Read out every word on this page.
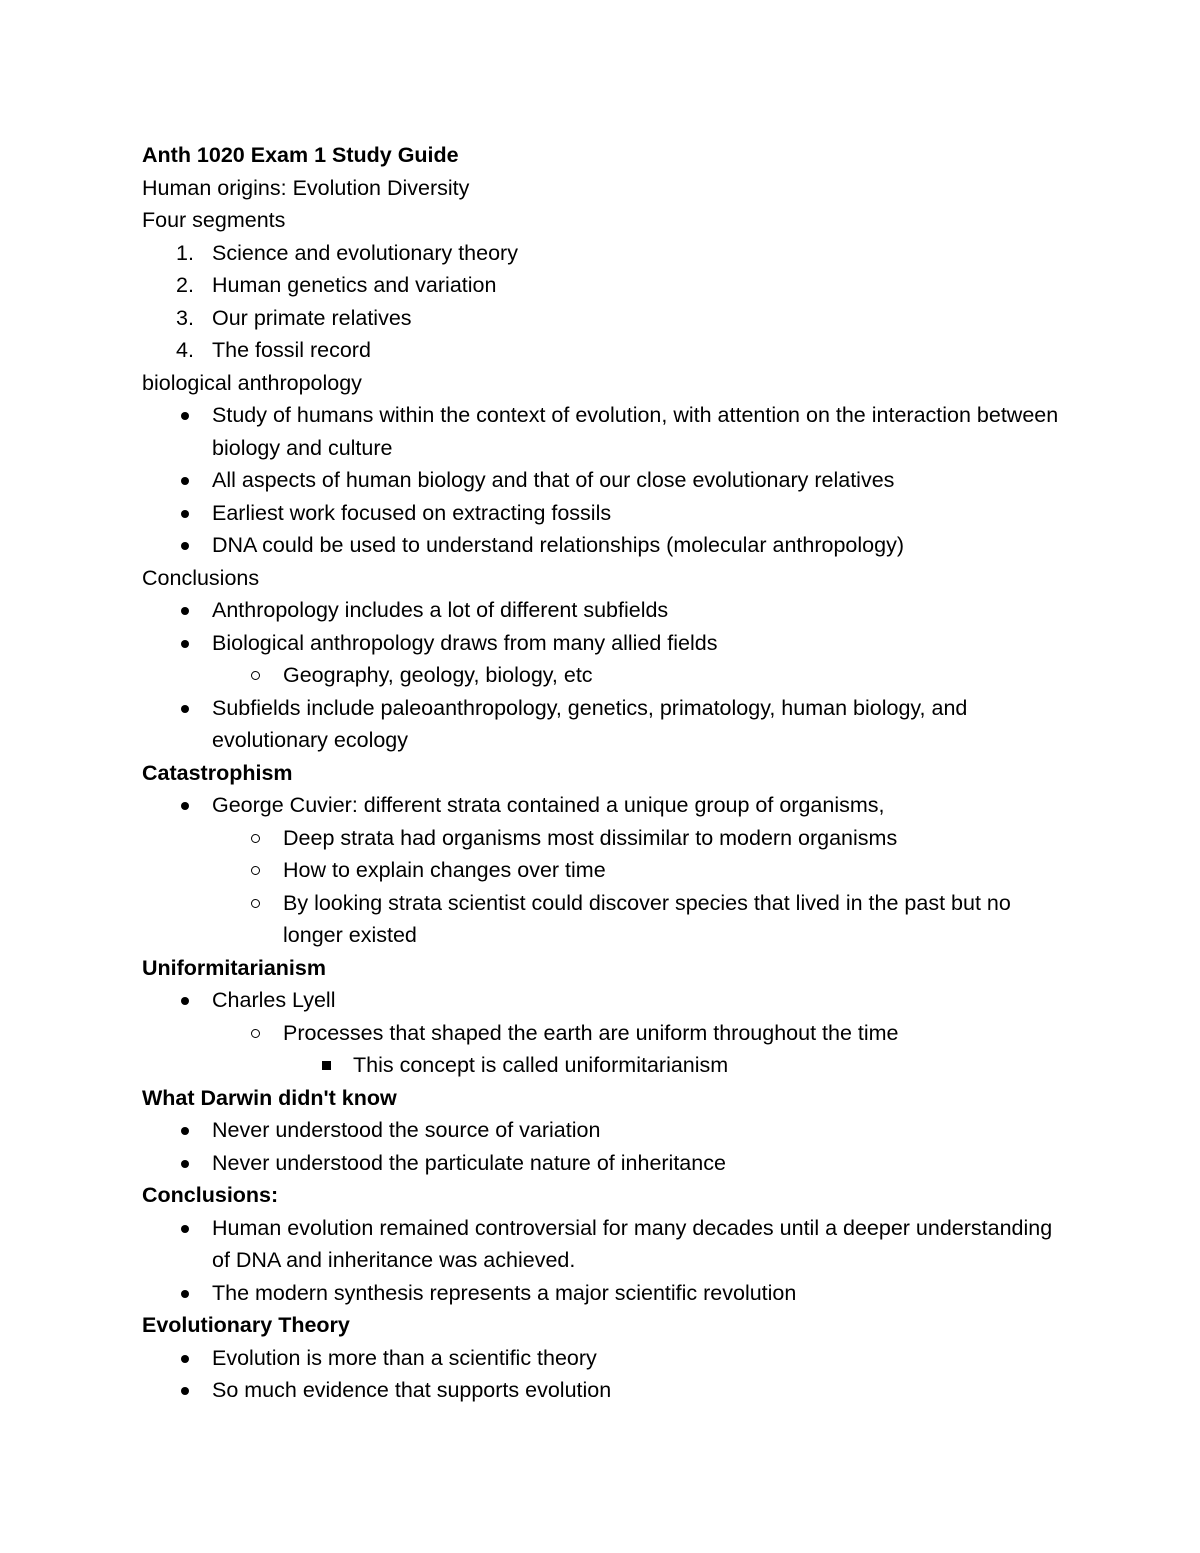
Anth 1020 Exam 1 Study Guide
Human origins: Evolution Diversity
Four segments
1. Science and evolutionary theory
2. Human genetics and variation
3. Our primate relatives
4. The fossil record
biological anthropology
Study of humans within the context of evolution, with attention on the interaction between biology and culture
All aspects of human biology and that of our close evolutionary relatives
Earliest work focused on extracting fossils
DNA could be used to understand relationships (molecular anthropology)
Conclusions
Anthropology includes a lot of different subfields
Biological anthropology draws from many allied fields
Geography, geology, biology, etc
Subfields include paleoanthropology, genetics, primatology, human biology, and evolutionary ecology
Catastrophism
George Cuvier: different strata contained a unique group of organisms,
Deep strata had organisms most dissimilar to modern organisms
How to explain changes over time
By looking strata scientist could discover species that lived in the past but no longer existed
Uniformitarianism
Charles Lyell
Processes that shaped the earth are uniform throughout the time
This concept is called uniformitarianism
What Darwin didn't know
Never understood the source of variation
Never understood the particulate nature of inheritance
Conclusions:
Human evolution remained controversial for many decades until a deeper understanding of DNA and inheritance was achieved.
The modern synthesis represents a major scientific revolution
Evolutionary Theory
Evolution is more than a scientific theory
So much evidence that supports evolution
